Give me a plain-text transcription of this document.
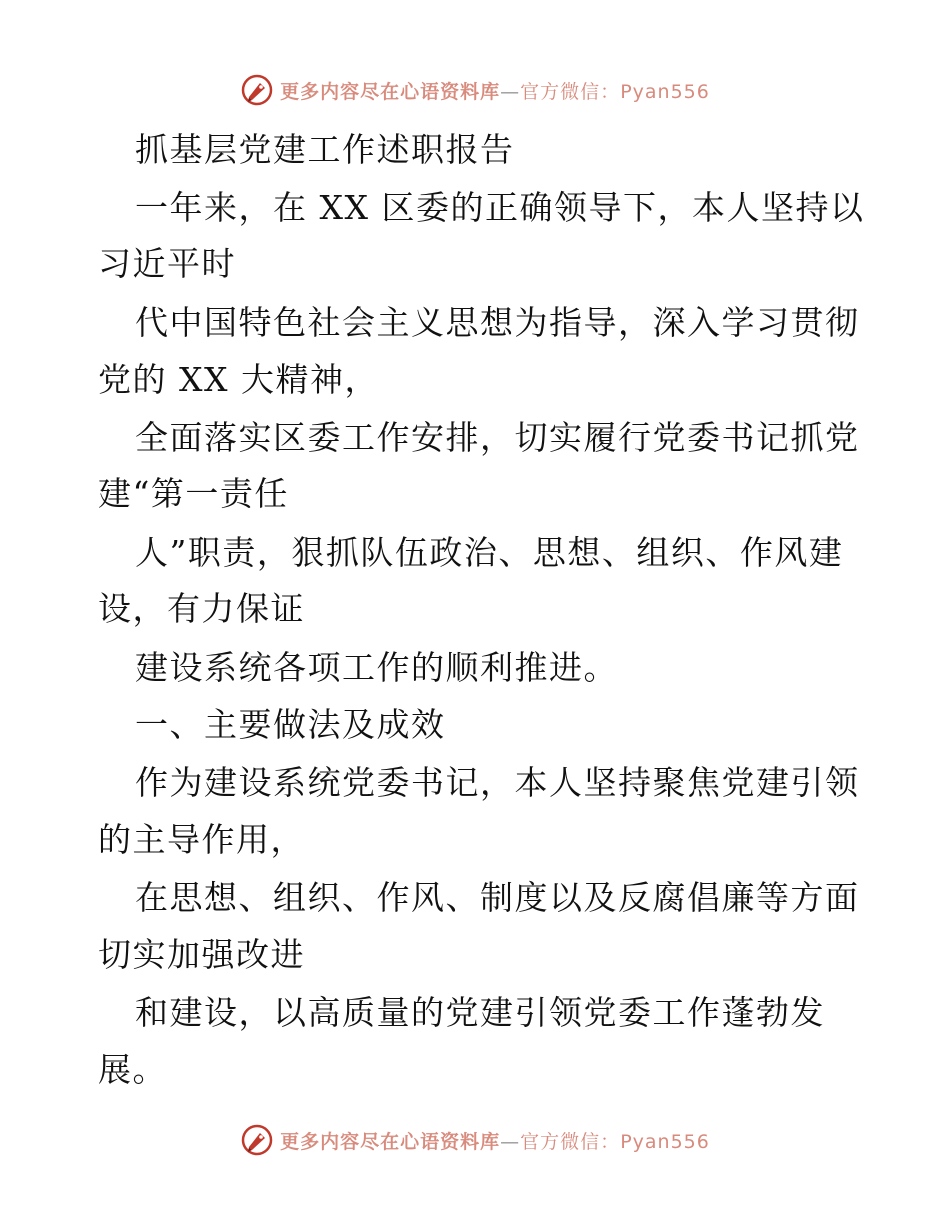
更多内容尽在心语资料库—官方微信：Pyan556
抓基层党建工作述职报告
一年来，在 XX 区委的正确领导下，本人坚持以
习近平时
代中国特色社会主义思想为指导，深入学习贯彻
党的 XX 大精神，
全面落实区委工作安排，切实履行党委书记抓党
建“第一责任
人”职责，狠抓队伍政治、思想、组织、作风建
设，有力保证
建设系统各项工作的顺利推进。
一、主要做法及成效
作为建设系统党委书记，本人坚持聚焦党建引领
的主导作用，
在思想、组织、作风、制度以及反腐倡廉等方面
切实加强改进
和建设，以高质量的党建引领党委工作蓬勃发
展。
更多内容尽在心语资料库—官方微信：Pyan556
